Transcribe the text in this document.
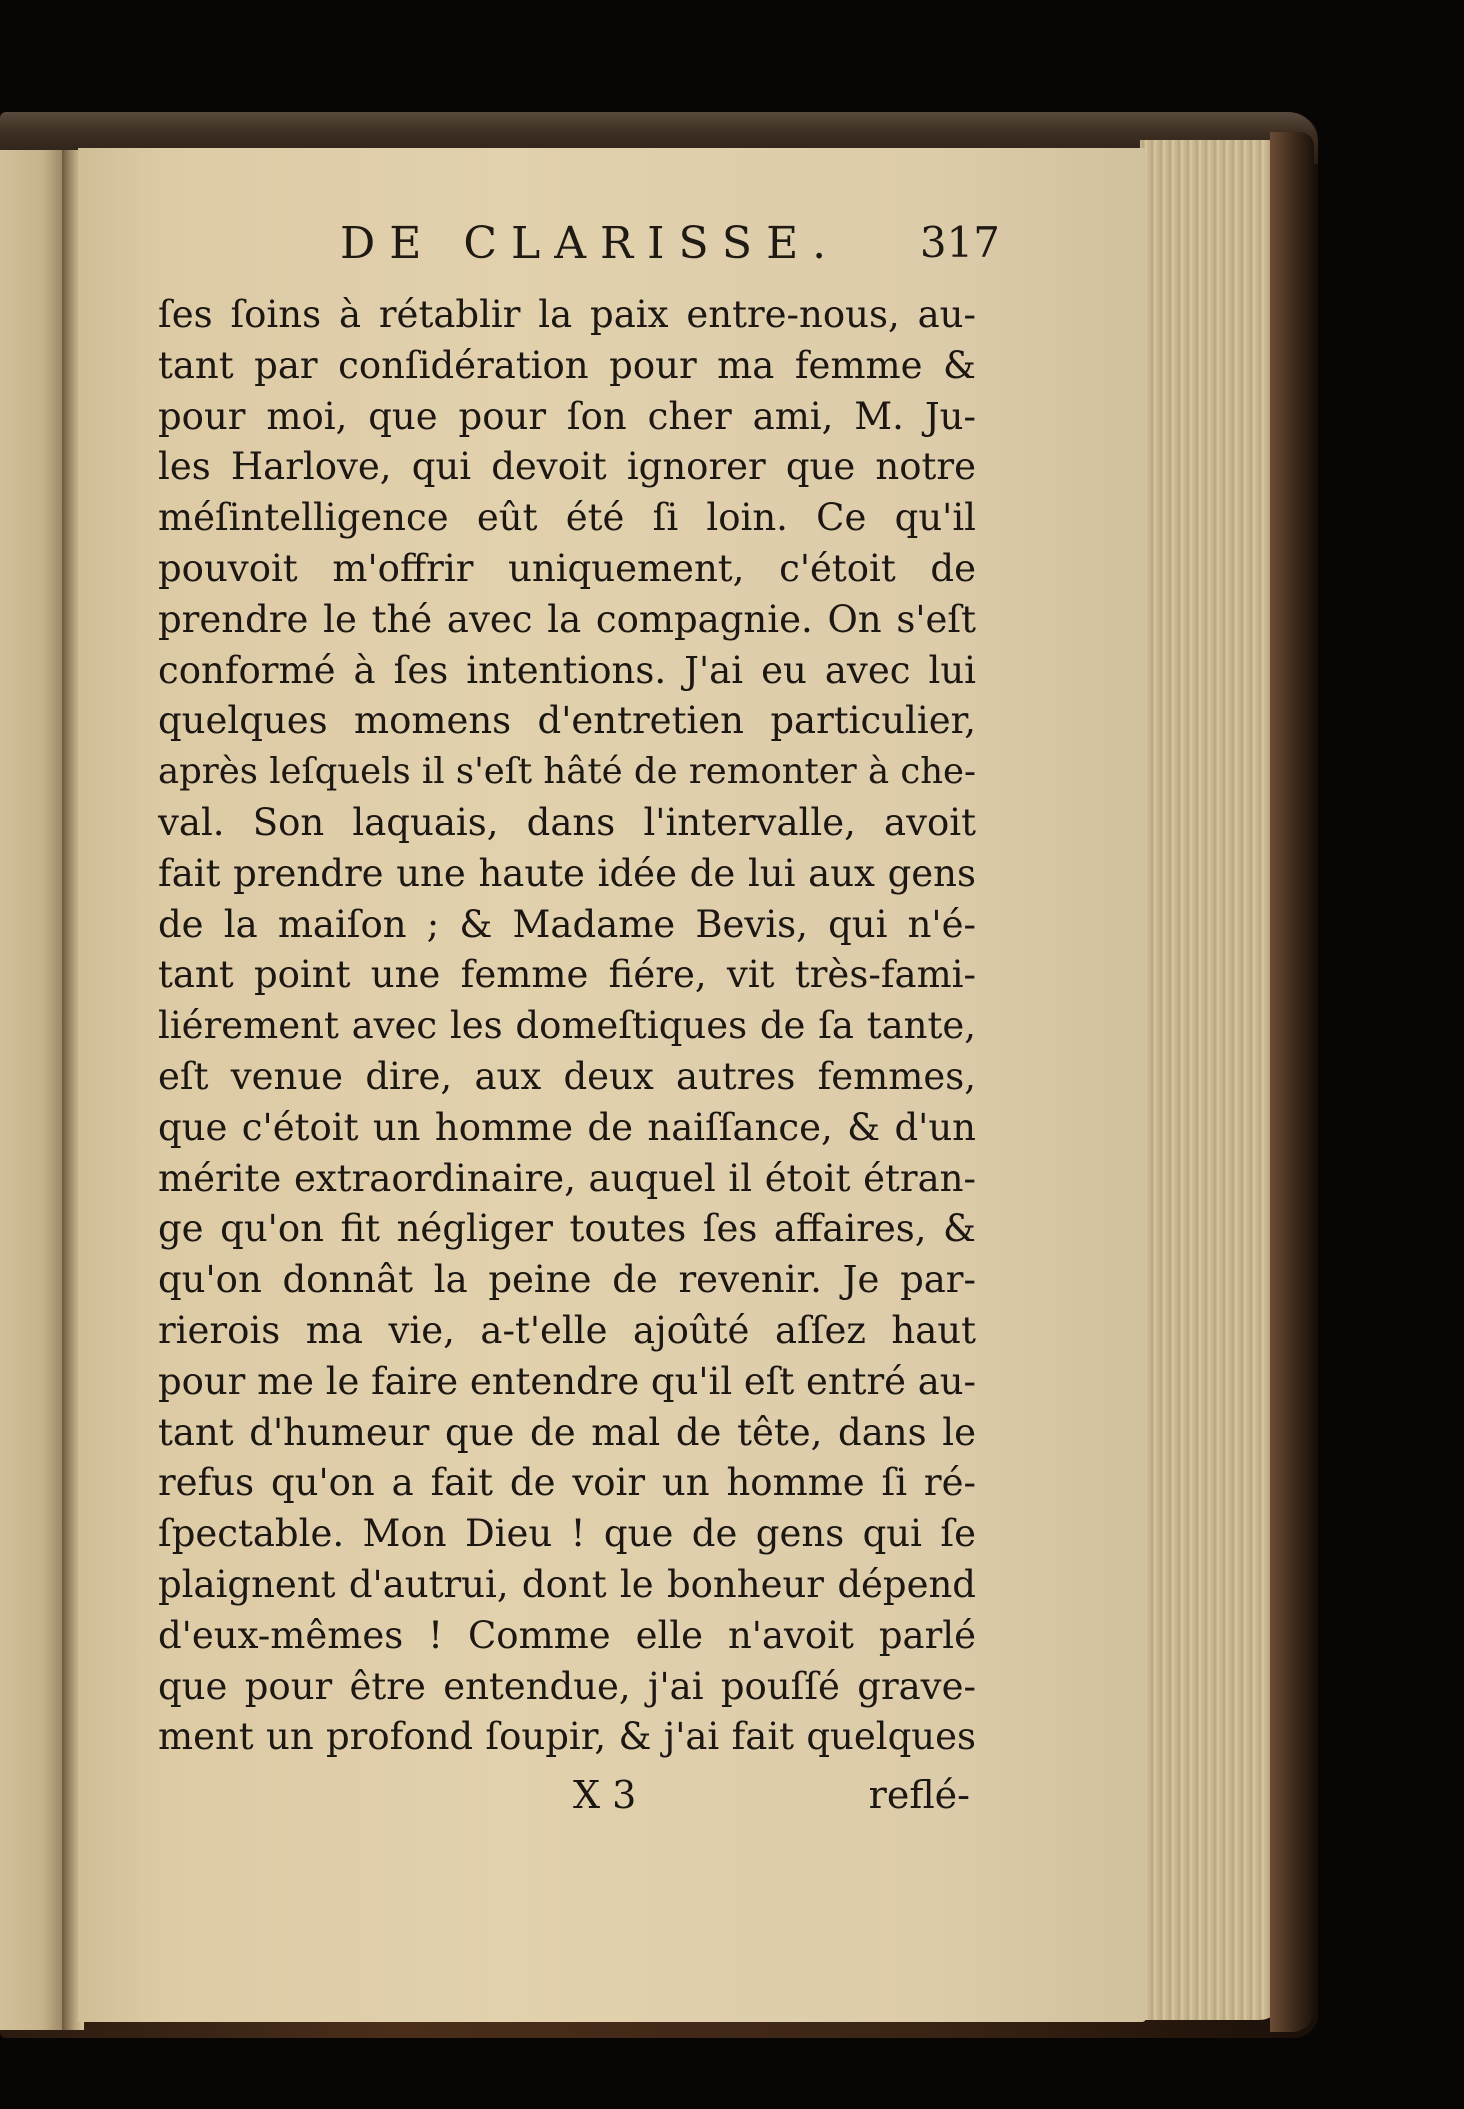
DE CLARISSE. 317
ſes ſoins à rétablir la paix entre-nous, au-
tant par conſidération pour ma femme &
pour moi, que pour ſon cher ami, M. Ju-
les Harlove, qui devoit ignorer que notre
méſintelligence eût été ſi loin. Ce qu'il
pouvoit m'offrir uniquement, c'étoit de
prendre le thé avec la compagnie. On s'eſt
conformé à ſes intentions. J'ai eu avec lui
quelques momens d'entretien particulier,
après leſquels il s'eſt hâté de remonter à che-
val. Son laquais, dans l'intervalle, avoit
fait prendre une haute idée de lui aux gens
de la maiſon ; & Madame Bevis, qui n'é-
tant point une femme fiére, vit très-fami-
liérement avec les domeſtiques de ſa tante,
eſt venue dire, aux deux autres femmes,
que c'étoit un homme de naiſſance, & d'un
mérite extraordinaire, auquel il étoit étran-
ge qu'on fit négliger toutes ſes affaires, &
qu'on donnât la peine de revenir. Je par-
rierois ma vie, a-t'elle ajoûté aſſez haut
pour me le faire entendre qu'il eſt entré au-
tant d'humeur que de mal de tête, dans le
refus qu'on a fait de voir un homme ſi ré-
ſpectable. Mon Dieu ! que de gens qui ſe
plaignent d'autrui, dont le bonheur dépend
d'eux-mêmes ! Comme elle n'avoit parlé
que pour être entendue, j'ai pouſſé grave-
ment un profond ſoupir, & j'ai fait quelques
X 3	reflé-
